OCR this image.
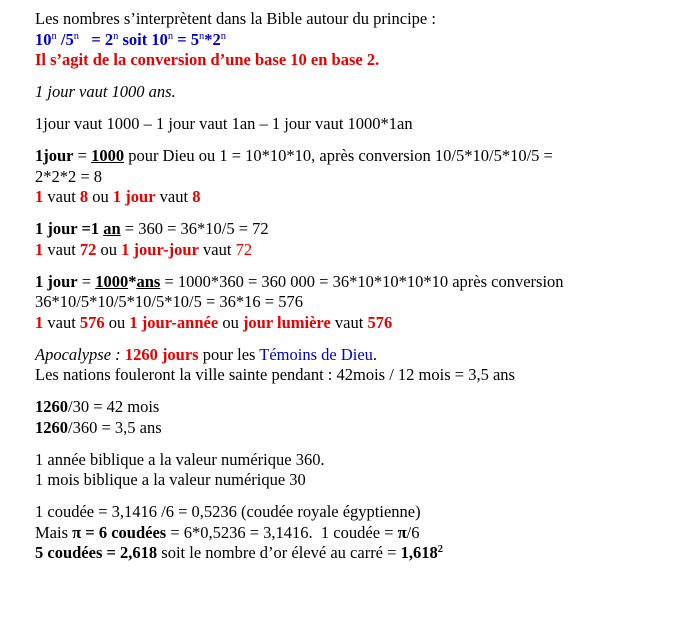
Les nombres s’interprètent dans la Bible autour du principe :
10$^n$ $/5^n = 2^n$ soit $10^n = 5^n*2^n$
Il s’agit de la conversion d’une base 10 en base 2.
1 jour vaut 1000 ans.
1jour vaut 1000 – 1 jour vaut 1an – 1 jour vaut 1000*1an
1jour = 1000 pour Dieu ou 1 = 10*10*10, après conversion 10/5*10/5*10/5 =
2*2*2 = 8
1 vaut 8 ou 1 jour vaut 8
1 jour =1 an = 360 = 36*10/5 = 72
1 vaut 72 ou 1 jour-jour vaut 72
1 jour = 1000*ans = 1000*360 = 360 000 = 36*10*10*10*10 après conversion
36*10/5*10/5*10/5*10/5 = 36*16 = 576
1 vaut 576 ou 1 jour-année ou jour lumière vaut 576
Apocalypse : 1260 jours pour les Témoins de Dieu.
Les nations fouleront la ville sainte pendant : 42mois / 12 mois = 3,5 ans
1260/30 = 42 mois
1260/360 = 3,5 ans
1 année biblique a la valeur numérique 360.
1 mois biblique a la valeur numérique 30
1 coudée = 3,1416 /6 = 0,5236 (coudée royale égyptienne)
Mais π = 6 coudées = 6*0,5236 = 3,1416.  1 coudée = π/6
5 coudées = 2,618 soit le nombre d’or élevé au carré = $1,618^2$
